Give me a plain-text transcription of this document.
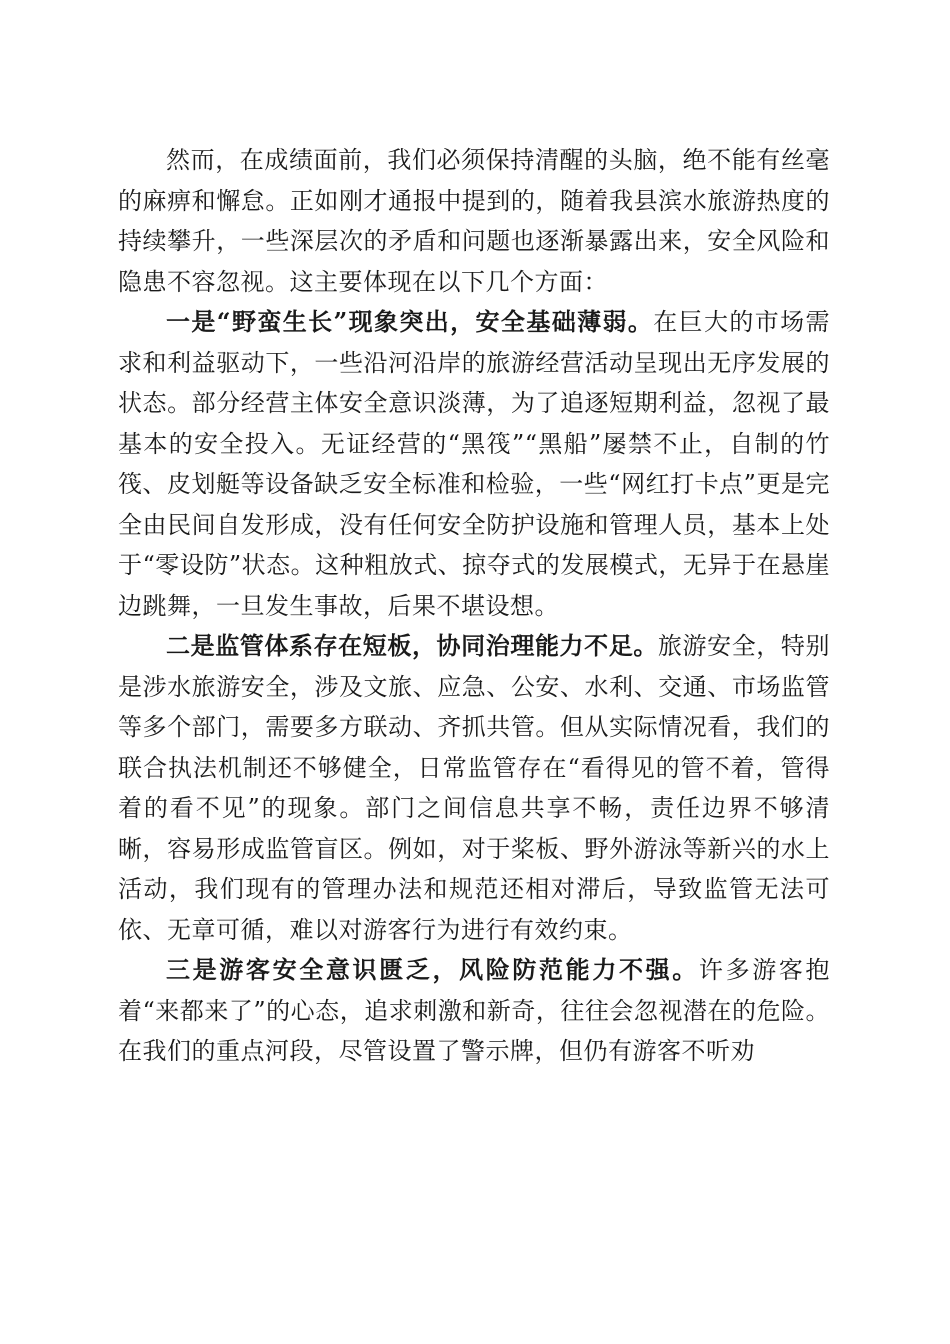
然而，在成绩面前，我们必须保持清醒的头脑，绝不能有丝毫的麻痹和懈怠。正如刚才通报中提到的，随着我县滨水旅游热度的持续攀升，一些深层次的矛盾和问题也逐渐暴露出来，安全风险和隐患不容忽视。这主要体现在以下几个方面：

一是“野蛮生长”现象突出，安全基础薄弱。在巨大的市场需求和利益驱动下，一些沿河沿岸的旅游经营活动呈现出无序发展的状态。部分经营主体安全意识淡薄，为了追逐短期利益，忽视了最基本的安全投入。无证经营的“黑筏”“黑船”屡禁不止，自制的竹筏、皮划艇等设备缺乏安全标准和检验，一些“网红打卡点”更是完全由民间自发形成，没有任何安全防护设施和管理人员，基本上处于“零设防”状态。这种粗放式、掠夺式的发展模式，无异于在悬崖边跳舞，一旦发生事故，后果不堪设想。

二是监管体系存在短板，协同治理能力不足。旅游安全，特别是涉水旅游安全，涉及文旅、应急、公安、水利、交通、市场监管等多个部门，需要多方联动、齐抓共管。但从实际情况看，我们的联合执法机制还不够健全，日常监管存在“看得见的管不着，管得着的看不见”的现象。部门之间信息共享不畅，责任边界不够清晰，容易形成监管盲区。例如，对于桨板、野外游泳等新兴的水上活动，我们现有的管理办法和规范还相对滞后，导致监管无法可依、无章可循，难以对游客行为进行有效约束。

三是游客安全意识匮乏，风险防范能力不强。许多游客抱着“来都来了”的心态，追求刺激和新奇，往往会忽视潜在的危险。在我们的重点河段，尽管设置了警示牌，但仍有游客不听劝
